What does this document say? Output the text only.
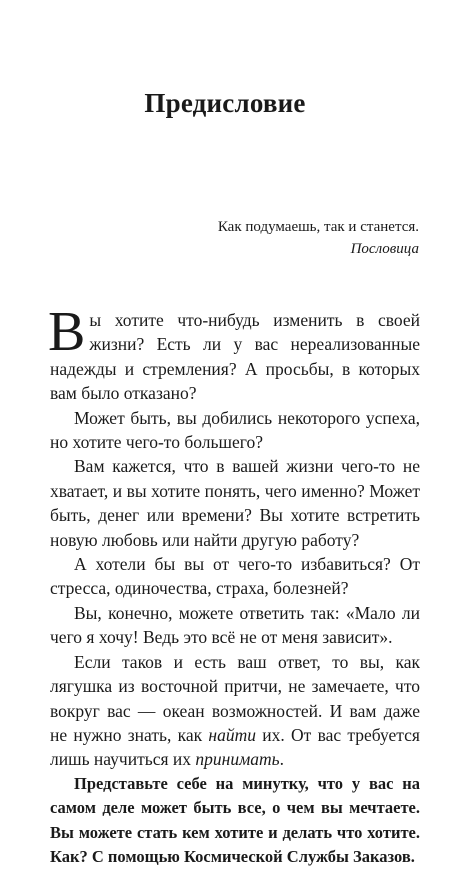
Предисловие
Как подумаешь, так и станется.
Пословица

Вы хотите что-нибудь изменить в своей жизни? Есть ли у вас нереализованные надежды и стремления? А просьбы, в которых вам было отказано?

Может быть, вы добились некоторого успеха, но хотите чего-то большего?

Вам кажется, что в вашей жизни чего-то не хватает, и вы хотите понять, чего именно? Может быть, денег или времени? Вы хотите встретить новую любовь или найти другую работу?

А хотели бы вы от чего-то избавиться? От стресса, одиночества, страха, болезней?

Вы, конечно, можете ответить так: «Мало ли чего я хочу! Ведь это всё не от меня зависит».

Если таков и есть ваш ответ, то вы, как лягушка из восточной притчи, не замечаете, что вокруг вас — океан возможностей. И вам даже не нужно знать, как найти их. От вас требуется лишь научиться их принимать.

Представьте себе на минутку, что у вас на самом деле может быть все, о чем вы мечтаете. Вы можете стать кем хотите и делать что хотите. Как? С помощью Космической Службы Заказов.
